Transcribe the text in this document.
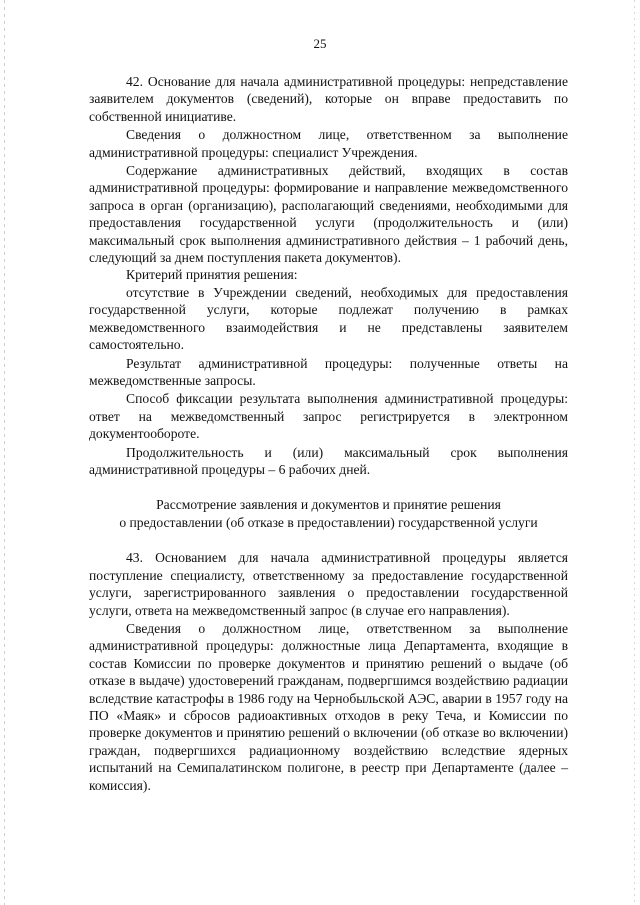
25

42. Основание для начала административной процедуры: непредставление заявителем документов (сведений), которые он вправе предоставить по собственной инициативе.

Сведения о должностном лице, ответственном за выполнение административной процедуры: специалист Учреждения.

Содержание административных действий, входящих в состав административной процедуры: формирование и направление межведомственного запроса в орган (организацию), располагающий сведениями, необходимыми для предоставления государственной услуги (продолжительность и (или) максимальный срок выполнения административного действия – 1 рабочий день, следующий за днем поступления пакета документов).

Критерий принятия решения:

отсутствие в Учреждении сведений, необходимых для предоставления государственной услуги, которые подлежат получению в рамках межведомственного взаимодействия и не представлены заявителем самостоятельно.

Результат административной процедуры: полученные ответы на межведомственные запросы.

Способ фиксации результата выполнения административной процедуры: ответ на межведомственный запрос регистрируется в электронном документообороте.

Продолжительность и (или) максимальный срок выполнения административной процедуры – 6 рабочих дней.

Рассмотрение заявления и документов и принятие решения
о предоставлении (об отказе в предоставлении) государственной услуги

43. Основанием для начала административной процедуры является поступление специалисту, ответственному за предоставление государственной услуги, зарегистрированного заявления о предоставлении государственной услуги, ответа на межведомственный запрос (в случае его направления).

Сведения о должностном лице, ответственном за выполнение административной процедуры: должностные лица Департамента, входящие в состав Комиссии по проверке документов и принятию решений о выдаче (об отказе в выдаче) удостоверений гражданам, подвергшимся воздействию радиации вследствие катастрофы в 1986 году на Чернобыльской АЭС, аварии в 1957 году на ПО «Маяк» и сбросов радиоактивных отходов в реку Теча, и Комиссии по проверке документов и принятию решений о включении (об отказе во включении) граждан, подвергшихся радиационному воздействию вследствие ядерных испытаний на Семипалатинском полигоне, в реестр при Департаменте (далее – комиссия).
